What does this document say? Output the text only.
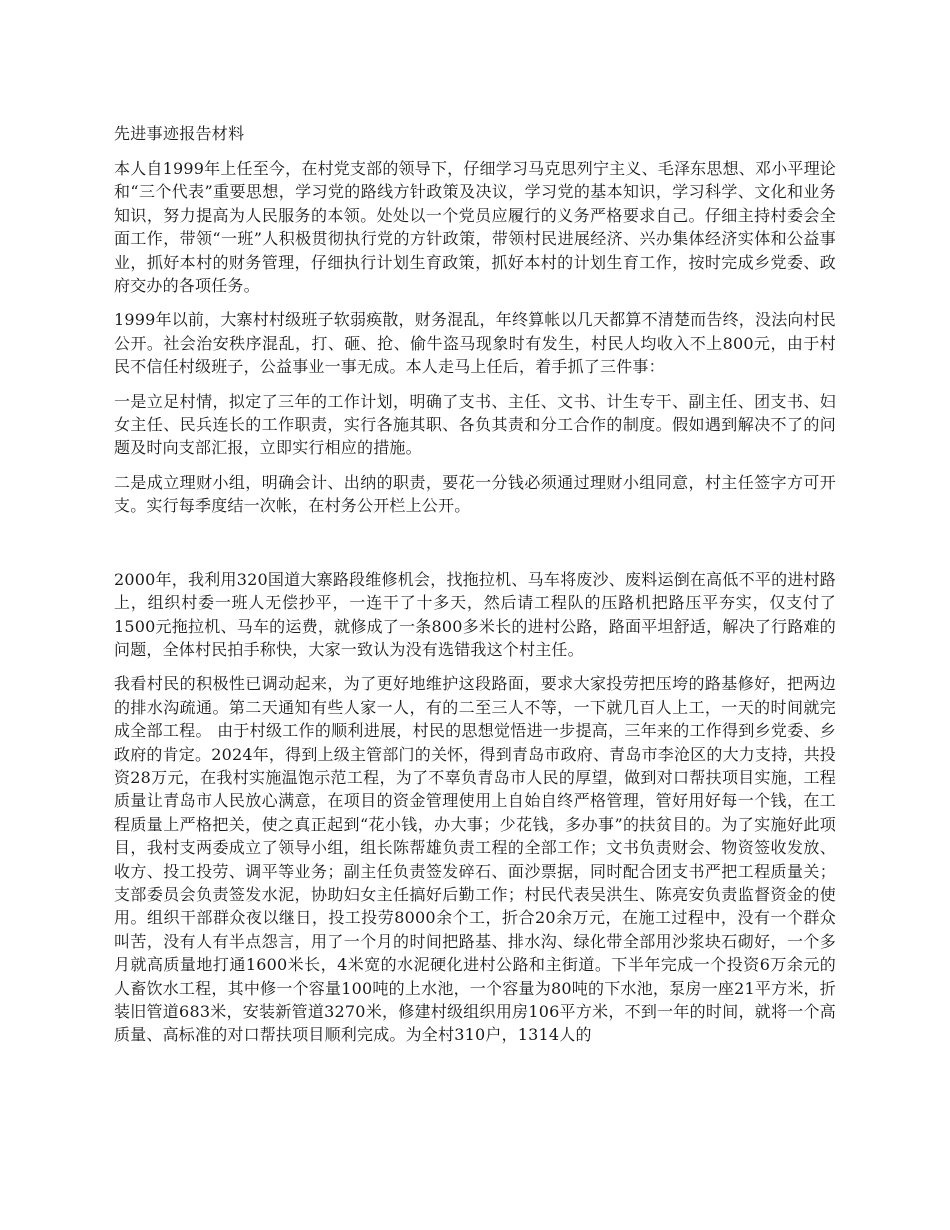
先进事迹报告材料

本人自1999年上任至今，在村党支部的领导下，仔细学习马克思列宁主义、毛泽东思想、邓小平理论和“三个代表”重要思想，学习党的路线方针政策及决议，学习党的基本知识，学习科学、文化和业务知识，努力提高为人民服务的本领。处处以一个党员应履行的义务严格要求自己。仔细主持村委会全面工作，带领“一班”人积极贯彻执行党的方针政策，带领村民进展经济、兴办集体经济实体和公益事业，抓好本村的财务管理，仔细执行计划生育政策，抓好本村的计划生育工作，按时完成乡党委、政府交办的各项任务。

1999年以前，大寨村村级班子软弱痪散，财务混乱，年终算帐以几天都算不清楚而告终，没法向村民公开。社会治安秩序混乱，打、砸、抢、偷牛盗马现象时有发生，村民人均收入不上800元，由于村民不信任村级班子，公益事业一事无成。本人走马上任后，着手抓了三件事：

一是立足村情，拟定了三年的工作计划，明确了支书、主任、文书、计生专干、副主任、团支书、妇女主任、民兵连长的工作职责，实行各施其职、各负其责和分工合作的制度。假如遇到解决不了的问题及时向支部汇报，立即实行相应的措施。

二是成立理财小组，明确会计、出纳的职责，要花一分钱必须通过理财小组同意，村主任签字方可开支。实行每季度结一次帐，在村务公开栏上公开。

2000年，我利用320国道大寨路段维修机会，找拖拉机、马车将废沙、废料运倒在高低不平的进村路上，组织村委一班人无偿抄平，一连干了十多天，然后请工程队的压路机把路压平夯实，仅支付了1500元拖拉机、马车的运费，就修成了一条800多米长的进村公路，路面平坦舒适，解决了行路难的问题，全体村民拍手称快，大家一致认为没有选错我这个村主任。

我看村民的积极性已调动起来，为了更好地维护这段路面，要求大家投劳把压垮的路基修好，把两边的排水沟疏通。第二天通知有些人家一人，有的二至三人不等，一下就几百人上工，一天的时间就完成全部工程。 由于村级工作的顺利进展，村民的思想觉悟进一步提高，三年来的工作得到乡党委、乡政府的肯定。2024年，得到上级主管部门的关怀，得到青岛市政府、青岛市李沧区的大力支持，共投资28万元，在我村实施温饱示范工程，为了不辜负青岛市人民的厚望，做到对口帮扶项目实施，工程质量让青岛市人民放心满意，在项目的资金管理使用上自始自终严格管理，管好用好每一个钱，在工程质量上严格把关，使之真正起到“花小钱，办大事；少花钱，多办事”的扶贫目的。为了实施好此项目，我村支两委成立了领导小组，组长陈帮雄负责工程的全部工作；文书负责财会、物资签收发放、收方、投工投劳、调平等业务；副主任负责签发碎石、面沙票据，同时配合团支书严把工程质量关；支部委员会负责签发水泥，协助妇女主任搞好后勤工作；村民代表吴洪生、陈亮安负责监督资金的使用。组织干部群众夜以继日，投工投劳8000余个工，折合20余万元，在施工过程中，没有一个群众叫苦，没有人有半点怨言，用了一个月的时间把路基、排水沟、绿化带全部用沙浆块石砌好，一个多月就高质量地打通1600米长，4米宽的水泥硬化进村公路和主街道。下半年完成一个投资6万余元的人畜饮水工程，其中修一个容量100吨的上水池，一个容量为80吨的下水池，泵房一座21平方米，折装旧管道683米，安装新管道3270米，修建村级组织用房106平方米，不到一年的时间，就将一个高质量、高标准的对口帮扶项目顺利完成。为全村310户，1314人的
